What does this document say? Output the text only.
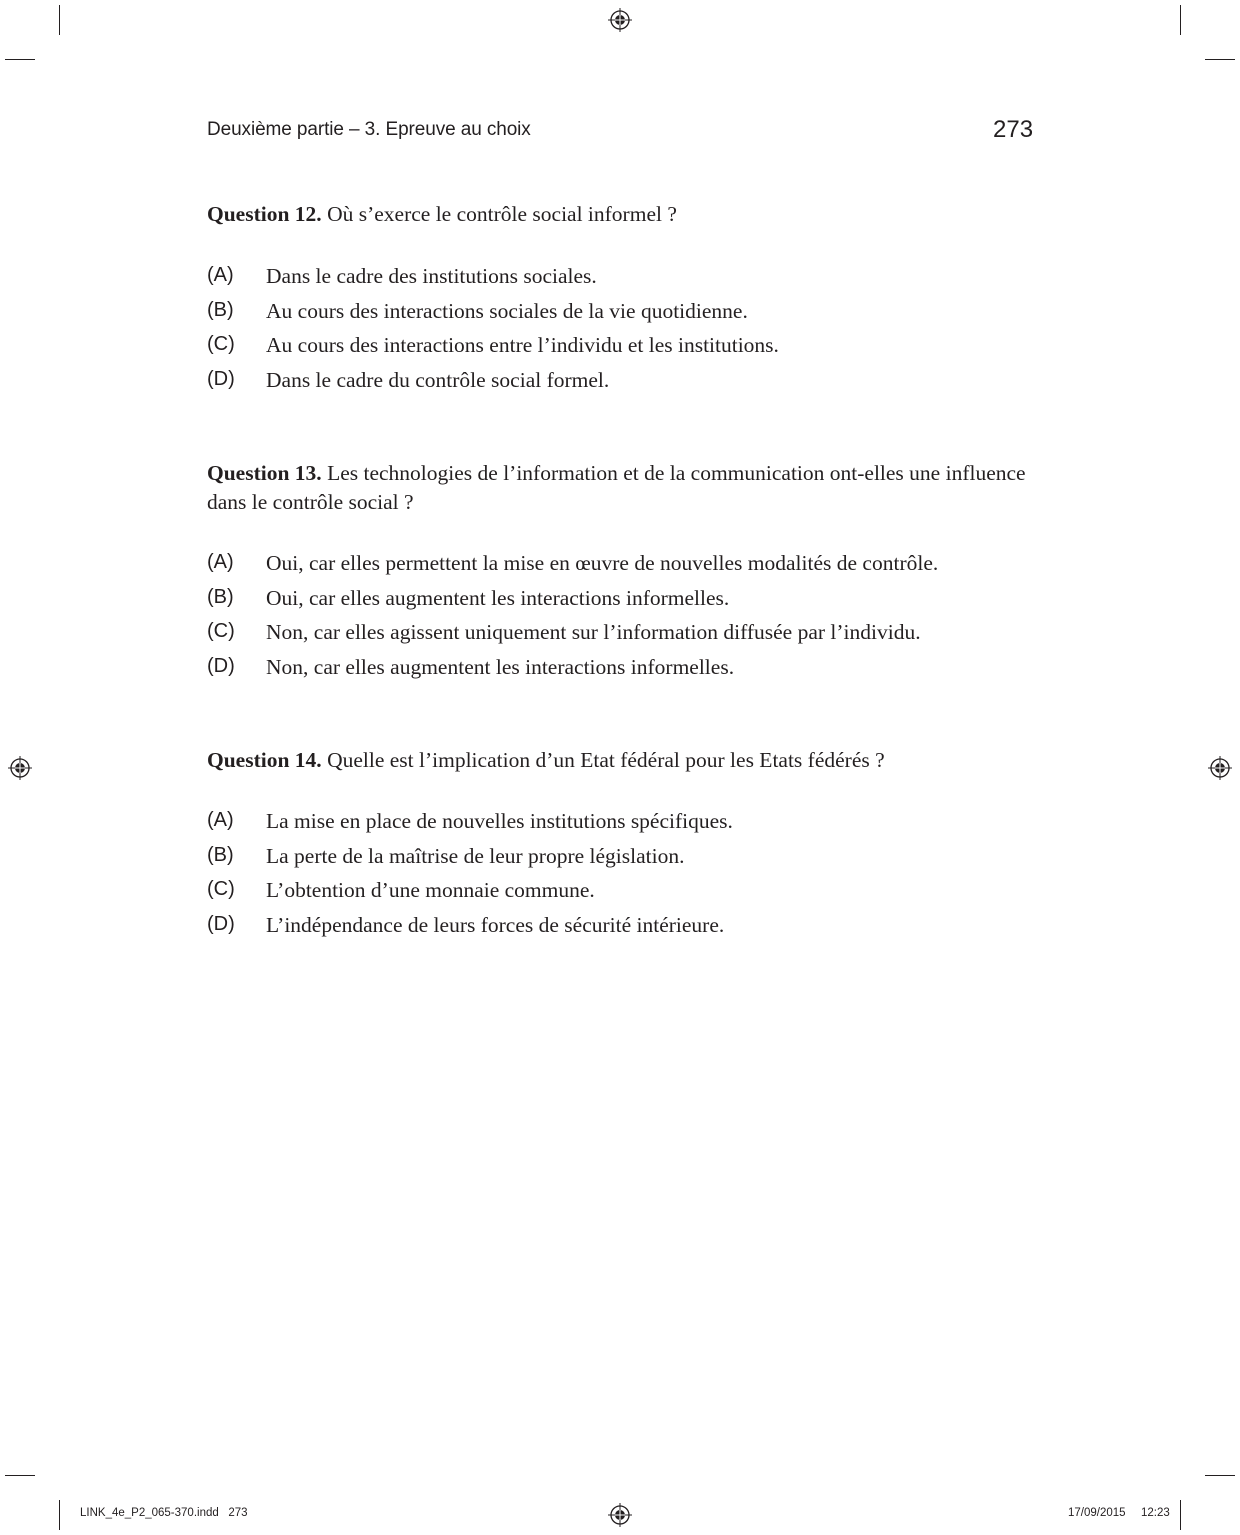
Deuxième partie – 3. Epreuve au choix	273
Question 12. Où s’exerce le contrôle social informel ?
(A) Dans le cadre des institutions sociales.
(B) Au cours des interactions sociales de la vie quotidienne.
(C) Au cours des interactions entre l’individu et les institutions.
(D) Dans le cadre du contrôle social formel.
Question 13. Les technologies de l’information et de la communication ont-elles une influence dans le contrôle social ?
(A) Oui, car elles permettent la mise en œuvre de nouvelles modalités de contrôle.
(B) Oui, car elles augmentent les interactions informelles.
(C) Non, car elles agissent uniquement sur l’information diffusée par l’individu.
(D) Non, car elles augmentent les interactions informelles.
Question 14. Quelle est l’implication d’un Etat fédéral pour les Etats fédérés ?
(A) La mise en place de nouvelles institutions spécifiques.
(B) La perte de la maîtrise de leur propre législation.
(C) L’obtention d’une monnaie commune.
(D) L’indépendance de leurs forces de sécurité intérieure.
LINK_4e_P2_065-370.indd   273	17/09/2015 12:23
